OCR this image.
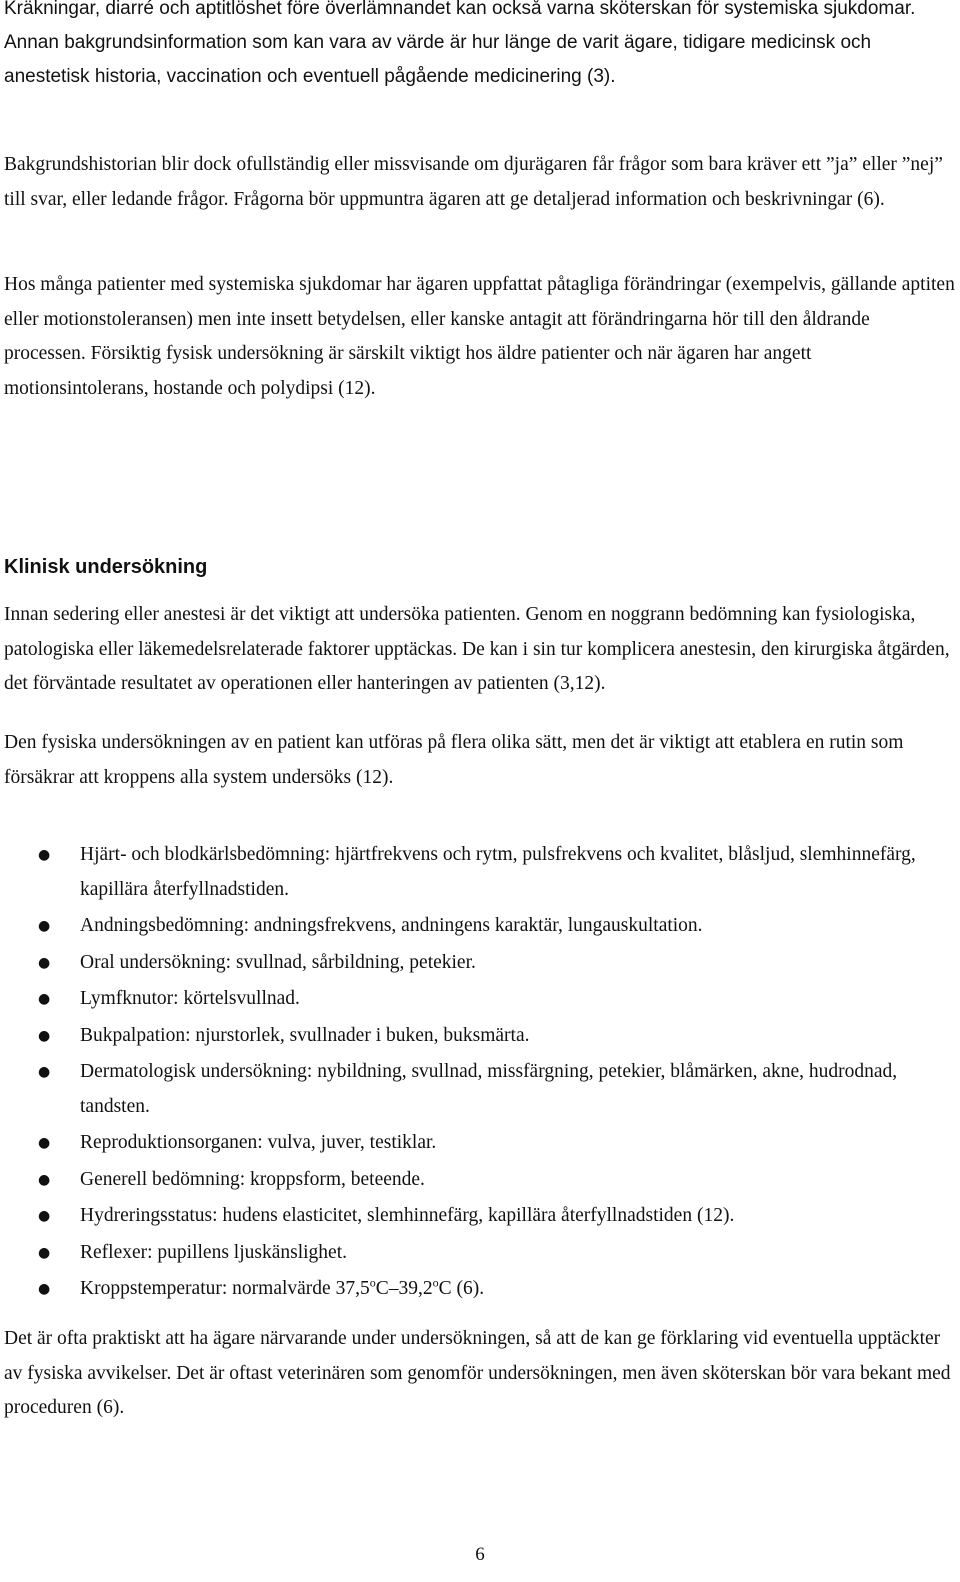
Kräkningar, diarré och aptitlöshet före överlämnandet kan också varna sköterskan för systemiska sjukdomar. Annan bakgrundsinformation som kan vara av värde är hur länge de varit ägare, tidigare medicinsk och anestetisk historia, vaccination och eventuell pågående medicinering (3).

Bakgrundshistorian blir dock ofullständig eller missvisande om djurägaren får frågor som bara kräver ett ”ja” eller ”nej” till svar, eller ledande frågor. Frågorna bör uppmuntra ägaren att ge detaljerad information och beskrivningar (6).

Hos många patienter med systemiska sjukdomar har ägaren uppfattat påtagliga förändringar (exempelvis, gällande aptiten eller motionstoleransen) men inte insett betydelsen, eller kanske antagit att förändringarna hör till den åldrande processen. Försiktig fysisk undersökning är särskilt viktigt hos äldre patienter och när ägaren har angett motionsintolerans, hostande och polydipsi (12).

Klinisk undersökning

Innan sedering eller anestesi är det viktigt att undersöka patienten. Genom en noggrann bedömning kan fysiologiska, patologiska eller läkemedelsrelaterade faktorer upptäckas. De kan i sin tur komplicera anestesin, den kirurgiska åtgärden, det förväntade resultatet av operationen eller hanteringen av patienten (3,12).

Den fysiska undersökningen av en patient kan utföras på flera olika sätt, men det är viktigt att etablera en rutin som försäkrar att kroppens alla system undersöks (12).

● Hjärt- och blodkärlsbedömning: hjärtfrekvens och rytm, pulsfrekvens och kvalitet, blåsljud, slemhinnefärg, kapillära återfyllnadstiden.
● Andningsbedömning: andningsfrekvens, andningens karaktär, lungauskultation.
● Oral undersökning: svullnad, sårbildning, petekier.
● Lymfknutor: körtelsvullnad.
● Bukpalpation: njurstorlek, svullnader i buken, buksmärta.
● Dermatologisk undersökning: nybildning, svullnad, missfärgning, petekier, blåmärken, akne, hudrodnad, tandsten.
● Reproduktionsorganen: vulva, juver, testiklar.
● Generell bedömning: kroppsform, beteende.
● Hydreringsstatus: hudens elasticitet, slemhinnefärg, kapillära återfyllnadstiden (12).
● Reflexer: pupillens ljuskänslighet.
● Kroppstemperatur: normalvärde 37,5$^o$C–39,2$^o$C (6).

Det är ofta praktiskt att ha ägare närvarande under undersökningen, så att de kan ge förklaring vid eventuella upptäckter av fysiska avvikelser. Det är oftast veterinären som genomför undersökningen, men även sköterskan bör vara bekant med proceduren (6).

6
